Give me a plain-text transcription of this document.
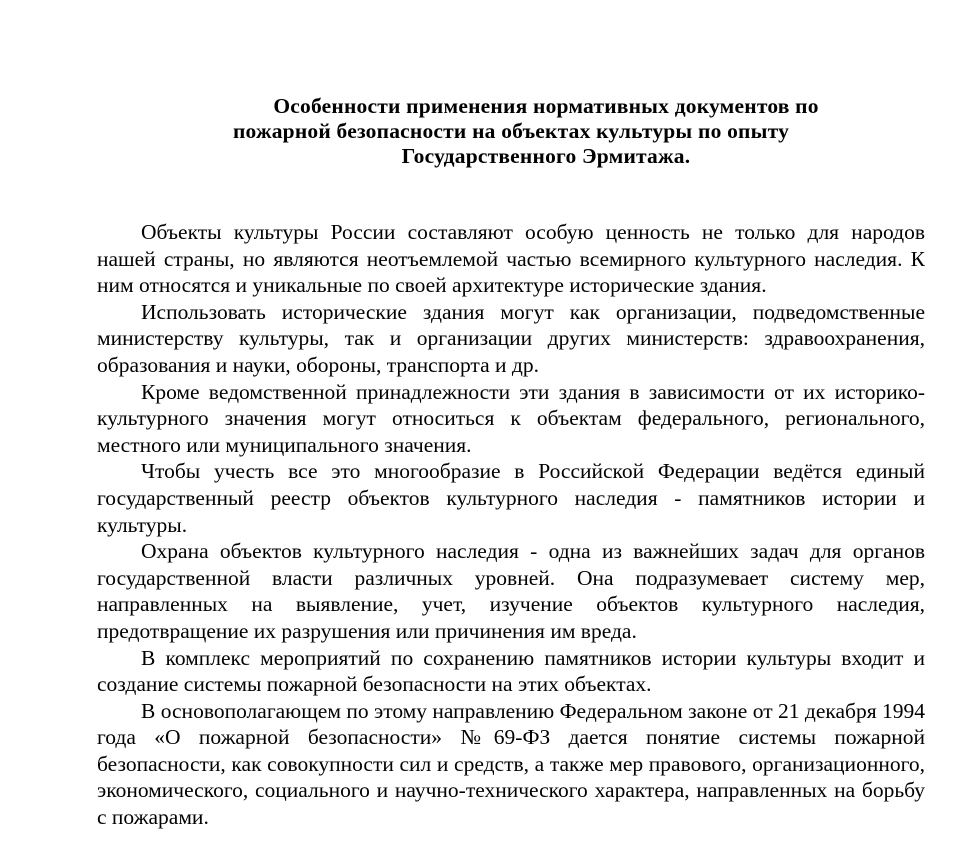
Особенности применения нормативных документов по
пожарной безопасности на объектах культуры по опыту
Государственного Эрмитажа.

Объекты культуры России составляют особую ценность не только для народов нашей страны, но являются неотъемлемой частью всемирного культурного наследия. К ним относятся и уникальные по своей архитектуре исторические здания.

Использовать исторические здания могут как организации, подведомственные министерству культуры, так и организации других министерств: здравоохранения, образования и науки, обороны, транспорта и др.

Кроме ведомственной принадлежности эти здания в зависимости от их историко-культурного значения могут относиться к объектам федерального, регионального, местного или муниципального значения.

Чтобы учесть все это многообразие в Российской Федерации ведётся единый государственный реестр объектов культурного наследия - памятников истории и культуры.

Охрана объектов культурного наследия - одна из важнейших задач для органов государственной власти различных уровней. Она подразумевает систему мер, направленных на выявление, учет, изучение объектов культурного наследия, предотвращение их разрушения или причинения им вреда.

В комплекс мероприятий по сохранению памятников истории культуры входит и создание системы пожарной безопасности на этих объектах.

В основополагающем по этому направлению Федеральном законе от 21 декабря 1994 года «О пожарной безопасности» №69-ФЗ дается понятие системы пожарной безопасности, как совокупности сил и средств, а также мер правового, организационного, экономического, социального и научно-технического характера, направленных на борьбу с пожарами.
